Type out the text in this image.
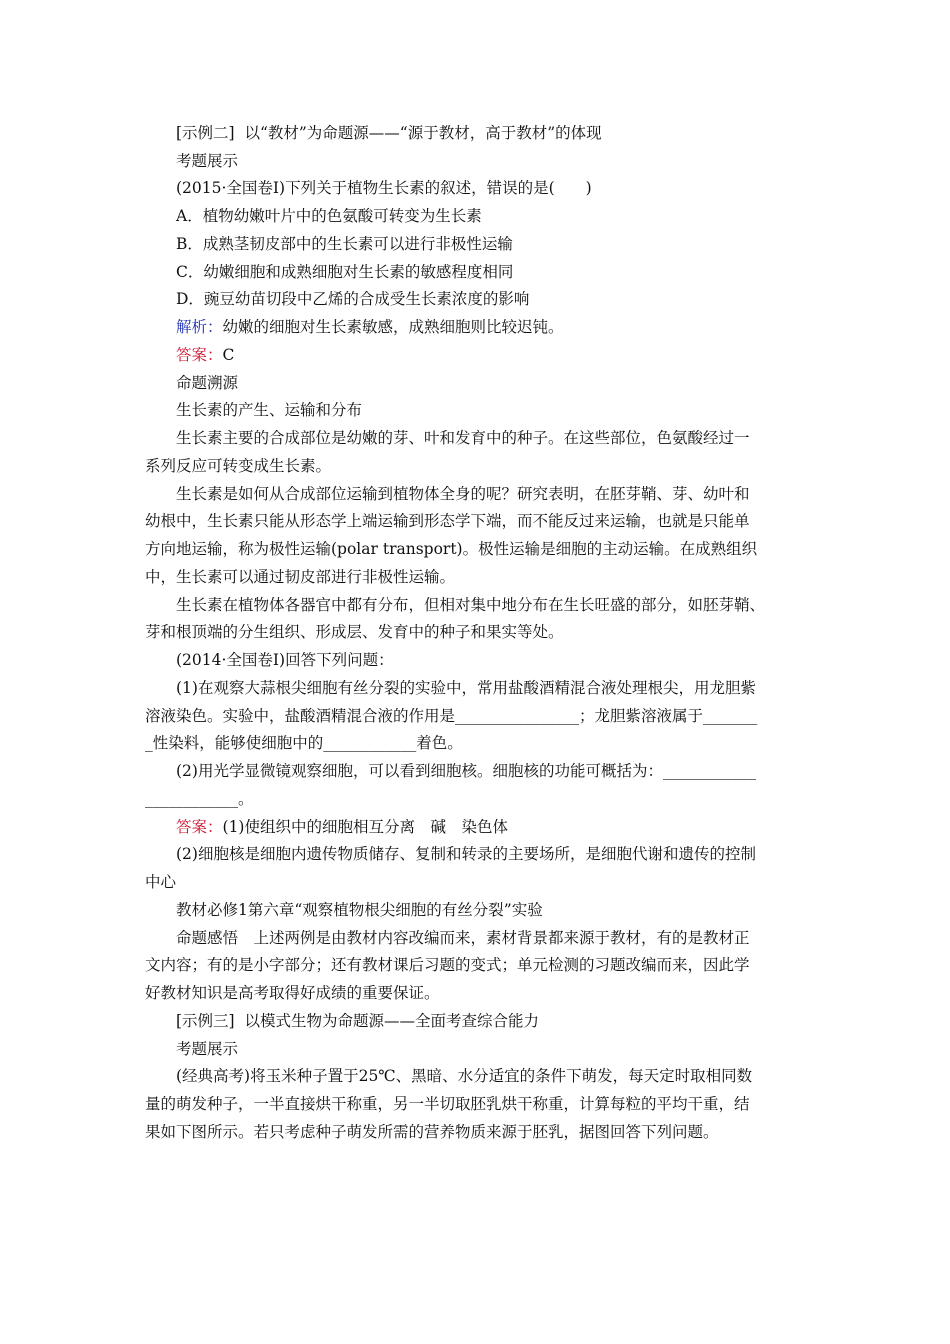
[示例二]  以“教材”为命题源——“源于教材，高于教材”的体现
考题展示
(2015·全国卷Ⅰ)下列关于植物生长素的叙述，错误的是(　　)
A．植物幼嫩叶片中的色氨酸可转变为生长素
B．成熟茎韧皮部中的生长素可以进行非极性运输
C．幼嫩细胞和成熟细胞对生长素的敏感程度相同
D．豌豆幼苗切段中乙烯的合成受生长素浓度的影响
解析：幼嫩的细胞对生长素敏感，成熟细胞则比较迟钝。
答案：C
命题溯源
生长素的产生、运输和分布
生长素主要的合成部位是幼嫩的芽、叶和发育中的种子。在这些部位，色氨酸经过一
系列反应可转变成生长素。
生长素是如何从合成部位运输到植物体全身的呢？研究表明，在胚芽鞘、芽、幼叶和
幼根中，生长素只能从形态学上端运输到形态学下端，而不能反过来运输，也就是只能单
方向地运输，称为极性运输(polar transport)。极性运输是细胞的主动运输。在成熟组织
中，生长素可以通过韧皮部进行非极性运输。
生长素在植物体各器官中都有分布，但相对集中地分布在生长旺盛的部分，如胚芽鞘、
芽和根顶端的分生组织、形成层、发育中的种子和果实等处。
(2014·全国卷Ⅰ)回答下列问题：
(1)在观察大蒜根尖细胞有丝分裂的实验中，常用盐酸酒精混合液处理根尖，用龙胆紫
溶液染色。实验中，盐酸酒精混合液的作用是________________；龙胆紫溶液属于_______
_性染料，能够使细胞中的____________着色。
(2)用光学显微镜观察细胞，可以看到细胞核。细胞核的功能可概括为：____________
____________。
答案：(1)使组织中的细胞相互分离　碱　染色体
(2)细胞核是细胞内遗传物质储存、复制和转录的主要场所，是细胞代谢和遗传的控制
中心
教材必修1第六章“观察植物根尖细胞的有丝分裂”实验
命题感悟　上述两例是由教材内容改编而来，素材背景都来源于教材，有的是教材正
文内容；有的是小字部分；还有教材课后习题的变式；单元检测的习题改编而来，因此学
好教材知识是高考取得好成绩的重要保证。
[示例三]  以模式生物为命题源——全面考查综合能力
考题展示
(经典高考)将玉米种子置于25℃、黑暗、水分适宜的条件下萌发，每天定时取相同数
量的萌发种子，一半直接烘干称重，另一半切取胚乳烘干称重，计算每粒的平均干重，结
果如下图所示。若只考虑种子萌发所需的营养物质来源于胚乳，据图回答下列问题。
